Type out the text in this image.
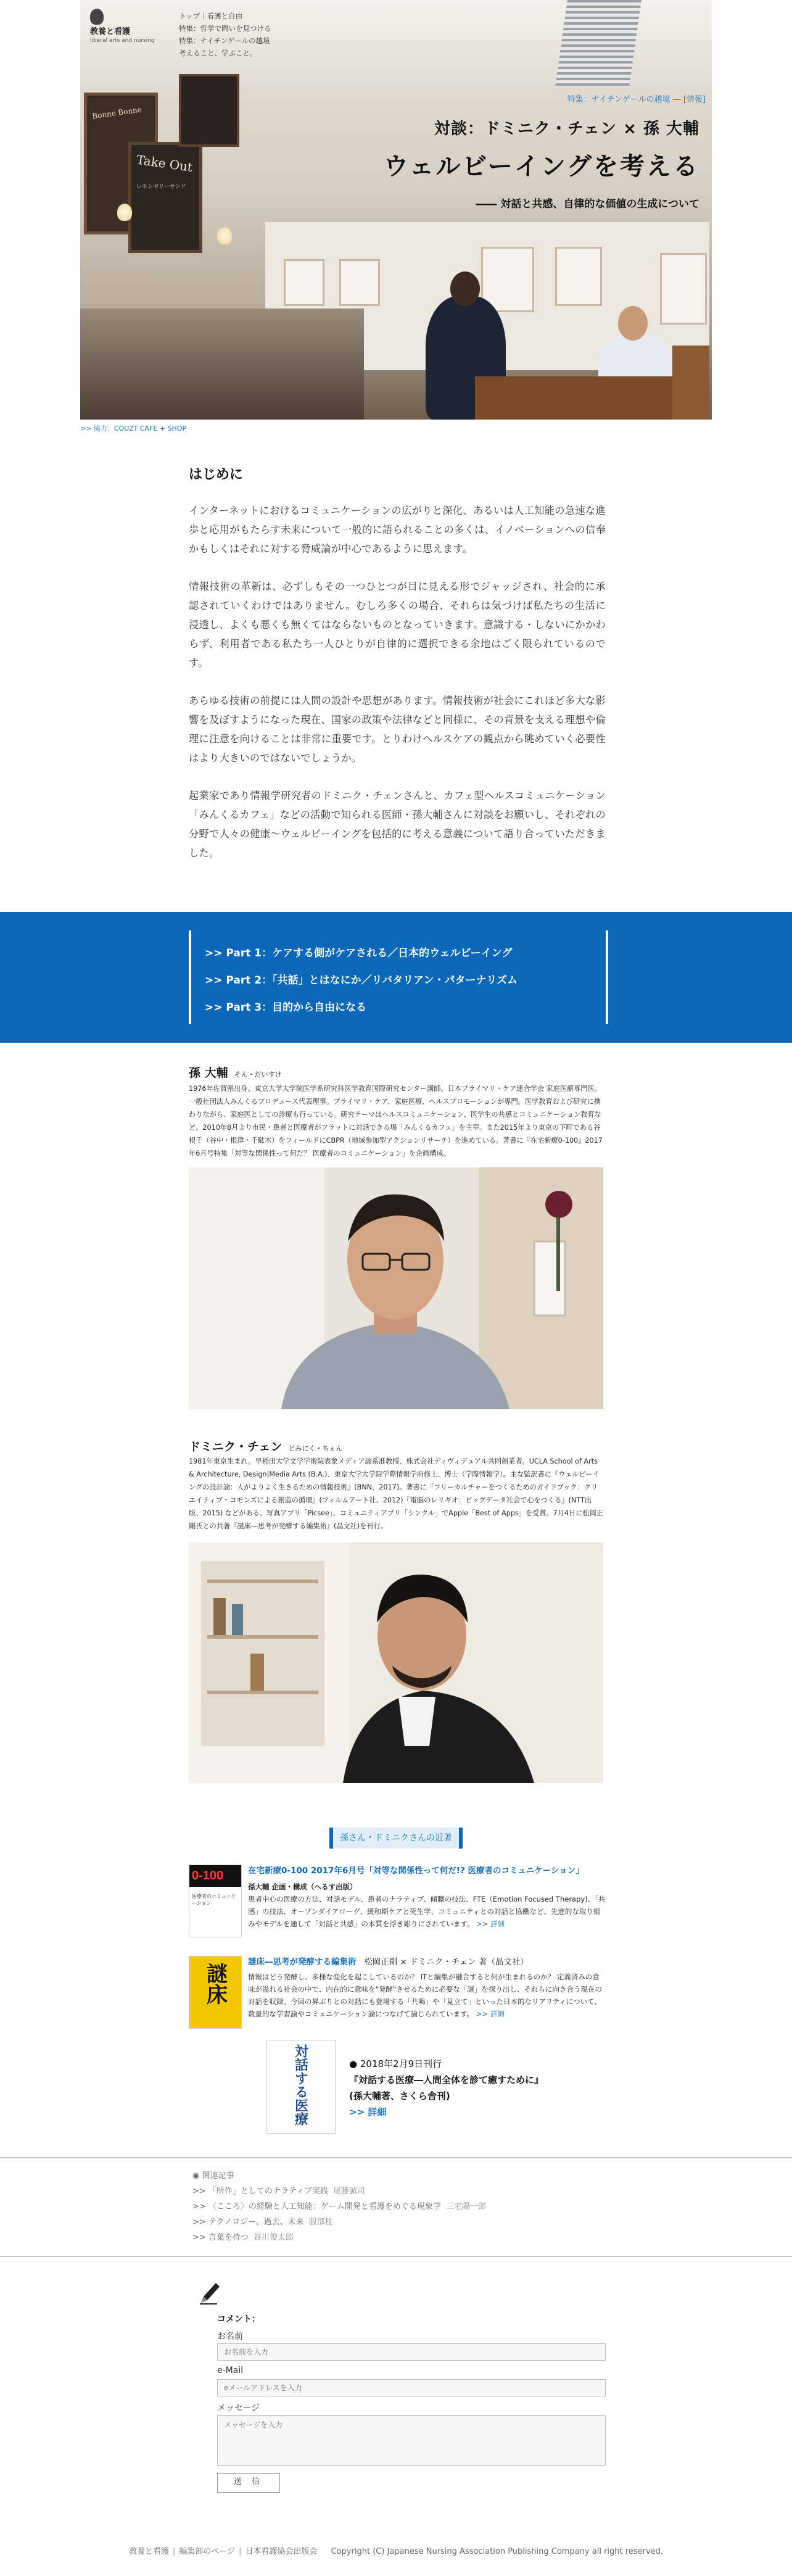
Bonne Bonne
Take Out
レモンゼリーサンド
教養と看護
liberal arts and nursing
トップ｜看護と自由
特集：哲学で問いを見つける
特集：ナイチンゲールの越境
考えること、学ぶこと。
特集：ナイチンゲールの越境 ― [情報]
対談：ドミニク・チェン × 孫 大輔
ウェルビーイングを考える
―― 対話と共感、自律的な価値の生成について
>> 協力：COUZT CAFE + SHOP
はじめに

インターネットにおけるコミュニケーションの広がりと深化、あるいは人工知能の急速な進歩と応用がもたらす未来について一般的に語られることの多くは、イノベーションへの信奉かもしくはそれに対する脅威論が中心であるように思えます。

情報技術の革新は、必ずしもその一つひとつが目に見える形でジャッジされ、社会的に承認されていくわけではありません。むしろ多くの場合、それらは気づけば私たちの生活に浸透し、よくも悪くも無くてはならないものとなっていきます。意識する・しないにかかわらず、利用者である私たち一人ひとりが自律的に選択できる余地はごく限られているのです。

あらゆる技術の前提には人間の設計や思想があります。情報技術が社会にこれほど多大な影響を及ぼすようになった現在、国家の政策や法律などと同様に、その背景を支える理想や倫理に注意を向けることは非常に重要です。とりわけヘルスケアの観点から眺めていく必要性はより大きいのではないでしょうか。

起業家であり情報学研究者のドミニク・チェンさんと、カフェ型ヘルスコミュニケーション「みんくるカフェ」などの活動で知られる医師・孫大輔さんに対談をお願いし、それぞれの分野で人々の健康〜ウェルビーイングを包括的に考える意義について語り合っていただきました。

>> Part 1：ケアする側がケアされる／日本的ウェルビーイング
>> Part 2：「共話」とはなにか／リバタリアン・パターナリズム
>> Part 3：目的から自由になる
孫 大輔 そん・だいすけ
1976年佐賀県出身。東京大学大学院医学系研究科医学教育国際研究センター講師。日本プライマリ・ケア連合学会 家庭医療専門医。一般社団法人みんくるプロデュース代表理事。プライマリ・ケア、家庭医療、ヘルスプロモーションが専門。医学教育および研究に携わりながら、家庭医としての診療も行っている。研究テーマはヘルスコミュニケーション、医学生の共感とコミュニケーション教育など。2010年8月より市民・患者と医療者がフラットに対話できる場「みんくるカフェ」を主宰。また2015年より東京の下町である谷根千（谷中・根津・千駄木）をフィールドにCBPR（地域参加型アクションリサーチ）を進めている。著書に『在宅新療0-100』2017年6月号特集「対等な関係性って何だ？ 医療者のコミュニケーション」を企画構成。
ドミニク・チェン どみにく・ちぇん
1981年東京生まれ。早稲田大学文学学術院表象メディア論系准教授、株式会社ディヴィデュアル共同創業者。UCLA School of Arts & Architecture, Design|Media Arts (B.A.)、東京大学大学院学際情報学府修士、博士（学際情報学）。主な監訳書に『ウェルビーイングの設計論：人がよりよく生きるための情報技術』(BNN、2017)。著書に『フリーカルチャーをつくるためのガイドブック：クリエイティブ・コモンズによる創造の循環』(フィルムアート社、2012)『電脳のレリギオ：ビッグデータ社会で心をつくる』(NTT出版、2015) などがある。写真アプリ「Picsee」、コミュニティアプリ「シンクル」でApple「Best of Apps」を受賞。7月4日に松岡正剛氏との共著『謎床―思考が発酵する編集術』(晶文社)を刊行。
孫さん・ドミニクさんの近著
0-100
医療者のコミュニケーション
在宅新療0-100 2017年6月号「対等な関係性って何だ!? 医療者のコミュニケーション」
孫大輔 企画・構成（へるす出版）
患者中心の医療の方法、対話モデル、患者のナラティブ、傾聴の技法、FTE（Emotion Focused Therapy)、「共感」の技法、オープンダイアローグ、緩和期ケアと死生学、コミュニティとの対話と協働など、先進的な取り組みやモデルを通して「対話と共感」の本質を浮き彫りにされています。 >> 詳細
謎床
謎床―思考が発酵する編集術 松岡正剛 × ドミニク・チェン 著（晶文社）
情報はどう発酵し、多様な変化を起こしているのか？ ITと編集が融合すると何が生まれるのか？ 定義済みの意味が溢れる社会の中で、内在的に意味を"発酵"させるために必要な「謎」を探り出し、それらに向き合う現在の対話を収録。今回の昇ぶりとの対話にも登場する「共鳴」や「見立て」といった日本的なリアリティについて、数量的な学習論やコミュニケーション論につなげて論じられています。 >> 詳細
対話する医療	● 2018年2月9日刊行
『対話する医療―人間全体を診て癒すために』
(孫大輔著、さくら舎刊)
>> 詳細
◉ 関連記事
>> 「所作」としてのナラティブ実践 尾藤誠司
>> 〈こころ〉の経験と人工知能：ゲーム開発と看護をめぐる現象学 三宅陽一郎
>> テクノロジー、過去、未来 服部桂
>> 言葉を持つ 谷川俊太郎
コメント：
お名前
お名前を入力
e-Mail
eメールアドレスを入力
メッセージ
メッセージを入力
送 信
教養と看護 | 編集部のページ | 日本看護協会出版会 Copyright (C) Japanese Nursing Association Publishing Company all right reserved.
